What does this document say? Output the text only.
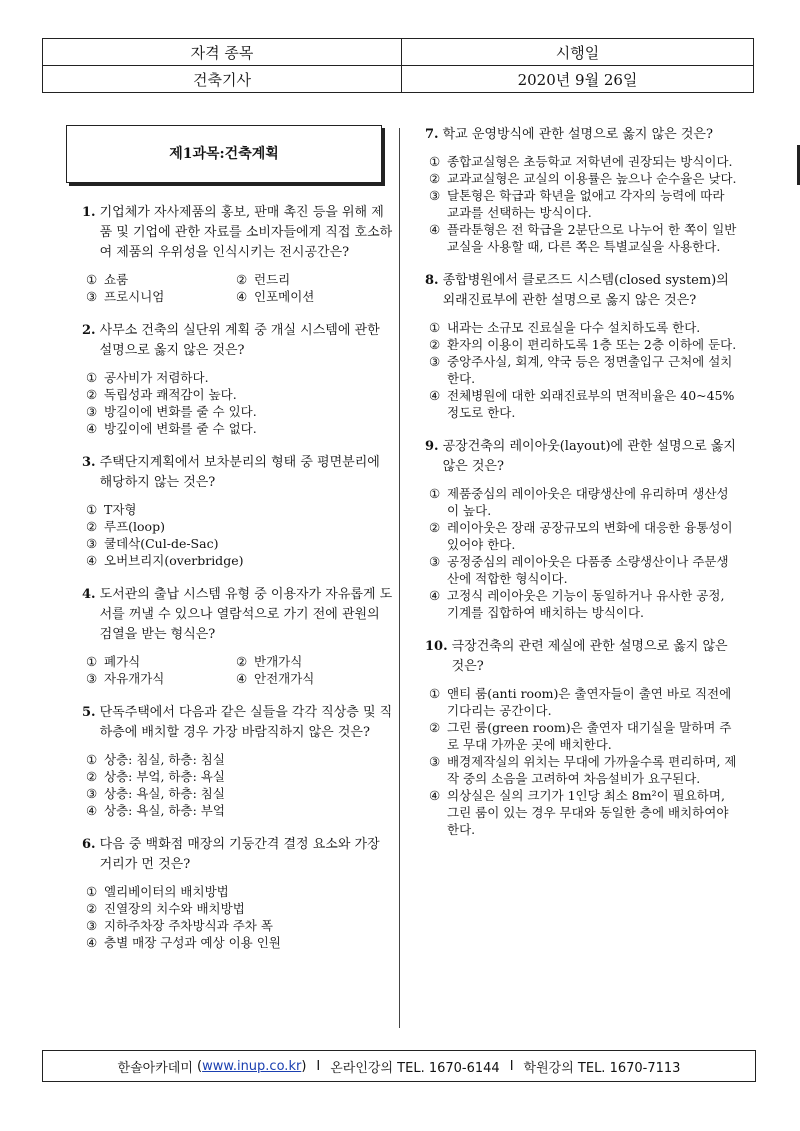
자격 종목	시행일
건축기사	2020년 9월 26일
제1과목:건축계획
1. 기업체가 자사제품의 홍보, 판매 촉진 등을 위해 제품 및 기업에 관한 자료를 소비자들에게 직접 호소하여 제품의 우위성을 인식시키는 전시공간은?
① 쇼룸	② 런드리
③ 프로시니엄	④ 인포메이션
2. 사무소 건축의 실단위 계획 중 개실 시스템에 관한 설명으로 옳지 않은 것은?
① 공사비가 저렴하다.
② 독립성과 쾌적감이 높다.
③ 방길이에 변화를 줄 수 있다.
④ 방깊이에 변화를 줄 수 없다.
3. 주택단지계획에서 보차분리의 형태 중 평면분리에 해당하지 않는 것은?
① T자형
② 루프(loop)
③ 쿨데삭(Cul-de-Sac)
④ 오버브리지(overbridge)
4. 도서관의 출납 시스템 유형 중 이용자가 자유롭게 도서를 꺼낼 수 있으나 열람석으로 가기 전에 관원의 검열을 받는 형식은?
① 폐가식	② 반개가식
③ 자유개가식	④ 안전개가식
5. 단독주택에서 다음과 같은 실들을 각각 직상층 및 직하층에 배치할 경우 가장 바람직하지 않은 것은?
① 상층: 침실, 하층: 침실
② 상층: 부엌, 하층: 욕실
③ 상층: 욕실, 하층: 침실
④ 상층: 욕실, 하층: 부엌
6. 다음 중 백화점 매장의 기둥간격 결정 요소와 가장 거리가 먼 것은?
① 엘리베이터의 배치방법
② 진열장의 치수와 배치방법
③ 지하주차장 주차방식과 주차 폭
④ 층별 매장 구성과 예상 이용 인원
7. 학교 운영방식에 관한 설명으로 옳지 않은 것은?
① 종합교실형은 초등학교 저학년에 권장되는 방식이다.
② 교과교실형은 교실의 이용률은 높으나 순수율은 낮다.
③ 달톤형은 학급과 학년을 없애고 각자의 능력에 따라 교과를 선택하는 방식이다.
④ 플라툰형은 전 학급을 2분단으로 나누어 한 쪽이 일반 교실을 사용할 때, 다른 쪽은 특별교실을 사용한다.
8. 종합병원에서 클로즈드 시스템(closed system)의 외래진료부에 관한 설명으로 옳지 않은 것은?
① 내과는 소규모 진료실을 다수 설치하도록 한다.
② 환자의 이용이 편리하도록 1층 또는 2층 이하에 둔다.
③ 중앙주사실, 회계, 약국 등은 정면출입구 근처에 설치한다.
④ 전체병원에 대한 외래진료부의 면적비율은 40~45% 정도로 한다.
9. 공장건축의 레이아웃(layout)에 관한 설명으로 옳지 않은 것은?
① 제품중심의 레이아웃은 대량생산에 유리하며 생산성이 높다.
② 레이아웃은 장래 공장규모의 변화에 대응한 융통성이 있어야 한다.
③ 공정중심의 레이아웃은 다품종 소량생산이나 주문생산에 적합한 형식이다.
④ 고정식 레이아웃은 기능이 동일하거나 유사한 공정, 기계를 집합하여 배치하는 방식이다.
10. 극장건축의 관련 제실에 관한 설명으로 옳지 않은 것은?
① 앤티 룸(anti room)은 출연자들이 출연 바로 직전에 기다리는 공간이다.
② 그린 룸(green room)은 출연자 대기실을 말하며 주로 무대 가까운 곳에 배치한다.
③ 배경제작실의 위치는 무대에 가까울수록 편리하며, 제작 중의 소음을 고려하여 차음설비가 요구된다.
④ 의상실은 실의 크기가 1인당 최소 8m²이 필요하며, 그린 룸이 있는 경우 무대와 동일한 층에 배치하여야 한다.
한솔아카데미
( www.inup.co.kr ) I 온라인강의 TEL. 1670-6144 I 학원강의 TEL. 1670-7113
